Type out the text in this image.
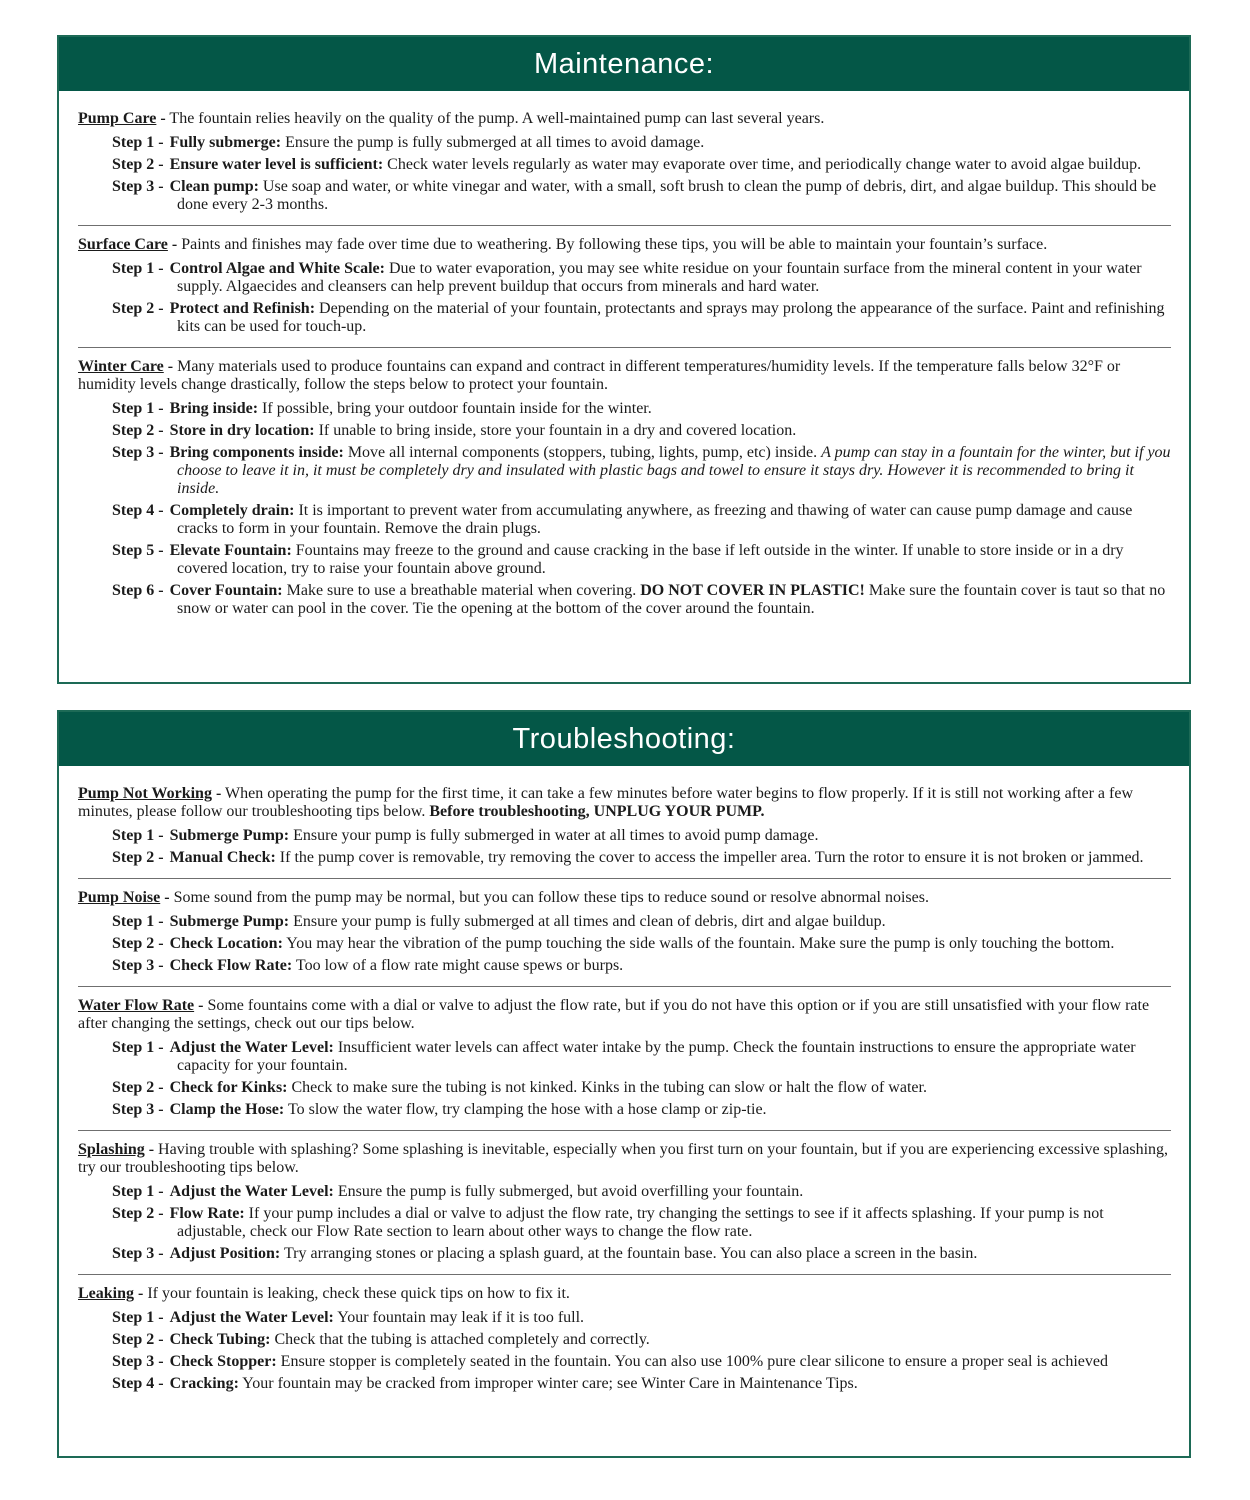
Maintenance:

Pump Care - The fountain relies heavily on the quality of the pump. A well-maintained pump can last several years.

Step 1 - Fully submerge: Ensure the pump is fully submerged at all times to avoid damage.

Step 2 - Ensure water level is sufficient: Check water levels regularly as water may evaporate over time, and periodically change water to avoid algae buildup.

Step 3 - Clean pump: Use soap and water, or white vinegar and water, with a small, soft brush to clean the pump of debris, dirt, and algae buildup. This should be done every 2-3 months.

Surface Care - Paints and finishes may fade over time due to weathering. By following these tips, you will be able to maintain your fountain’s surface.

Step 1 - Control Algae and White Scale: Due to water evaporation, you may see white residue on your fountain surface from the mineral content in your water supply. Algaecides and cleansers can help prevent buildup that occurs from minerals and hard water.

Step 2 - Protect and Refinish: Depending on the material of your fountain, protectants and sprays may prolong the appearance of the surface. Paint and refinishing kits can be used for touch-up.

Winter Care - Many materials used to produce fountains can expand and contract in different temperatures/humidity levels. If the temperature falls below 32°F or humidity levels change drastically, follow the steps below to protect your fountain.

Step 1 - Bring inside: If possible, bring your outdoor fountain inside for the winter.

Step 2 - Store in dry location: If unable to bring inside, store your fountain in a dry and covered location.

Step 3 - Bring components inside: Move all internal components (stoppers, tubing, lights, pump, etc) inside. A pump can stay in a fountain for the winter, but if you choose to leave it in, it must be completely dry and insulated with plastic bags and towel to ensure it stays dry. However it is recommended to bring it inside.

Step 4 - Completely drain: It is important to prevent water from accumulating anywhere, as freezing and thawing of water can cause pump damage and cause cracks to form in your fountain. Remove the drain plugs.

Step 5 - Elevate Fountain: Fountains may freeze to the ground and cause cracking in the base if left outside in the winter. If unable to store inside or in a dry covered location, try to raise your fountain above ground.

Step 6 - Cover Fountain: Make sure to use a breathable material when covering. DO NOT COVER IN PLASTIC! Make sure the fountain cover is taut so that no snow or water can pool in the cover. Tie the opening at the bottom of the cover around the fountain.

Troubleshooting:

Pump Not Working - When operating the pump for the first time, it can take a few minutes before water begins to flow properly. If it is still not working after a few minutes, please follow our troubleshooting tips below. Before troubleshooting, UNPLUG YOUR PUMP.

Step 1 - Submerge Pump: Ensure your pump is fully submerged in water at all times to avoid pump damage.

Step 2 - Manual Check: If the pump cover is removable, try removing the cover to access the impeller area. Turn the rotor to ensure it is not broken or jammed.

Pump Noise - Some sound from the pump may be normal, but you can follow these tips to reduce sound or resolve abnormal noises.

Step 1 - Submerge Pump: Ensure your pump is fully submerged at all times and clean of debris, dirt and algae buildup.

Step 2 - Check Location: You may hear the vibration of the pump touching the side walls of the fountain. Make sure the pump is only touching the bottom.

Step 3 - Check Flow Rate: Too low of a flow rate might cause spews or burps.

Water Flow Rate - Some fountains come with a dial or valve to adjust the flow rate, but if you do not have this option or if you are still unsatisfied with your flow rate after changing the settings, check out our tips below.

Step 1 - Adjust the Water Level: Insufficient water levels can affect water intake by the pump. Check the fountain instructions to ensure the appropriate water capacity for your fountain.

Step 2 - Check for Kinks: Check to make sure the tubing is not kinked. Kinks in the tubing can slow or halt the flow of water.

Step 3 - Clamp the Hose: To slow the water flow, try clamping the hose with a hose clamp or zip-tie.

Splashing - Having trouble with splashing? Some splashing is inevitable, especially when you first turn on your fountain, but if you are experiencing excessive splashing, try our troubleshooting tips below.

Step 1 - Adjust the Water Level: Ensure the pump is fully submerged, but avoid overfilling your fountain.

Step 2 - Flow Rate: If your pump includes a dial or valve to adjust the flow rate, try changing the settings to see if it affects splashing. If your pump is not adjustable, check our Flow Rate section to learn about other ways to change the flow rate.

Step 3 - Adjust Position: Try arranging stones or placing a splash guard, at the fountain base. You can also place a screen in the basin.

Leaking - If your fountain is leaking, check these quick tips on how to fix it.

Step 1 - Adjust the Water Level: Your fountain may leak if it is too full.

Step 2 - Check Tubing: Check that the tubing is attached completely and correctly.

Step 3 - Check Stopper: Ensure stopper is completely seated in the fountain. You can also use 100% pure clear silicone to ensure a proper seal is achieved

Step 4 - Cracking: Your fountain may be cracked from improper winter care; see Winter Care in Maintenance Tips.
